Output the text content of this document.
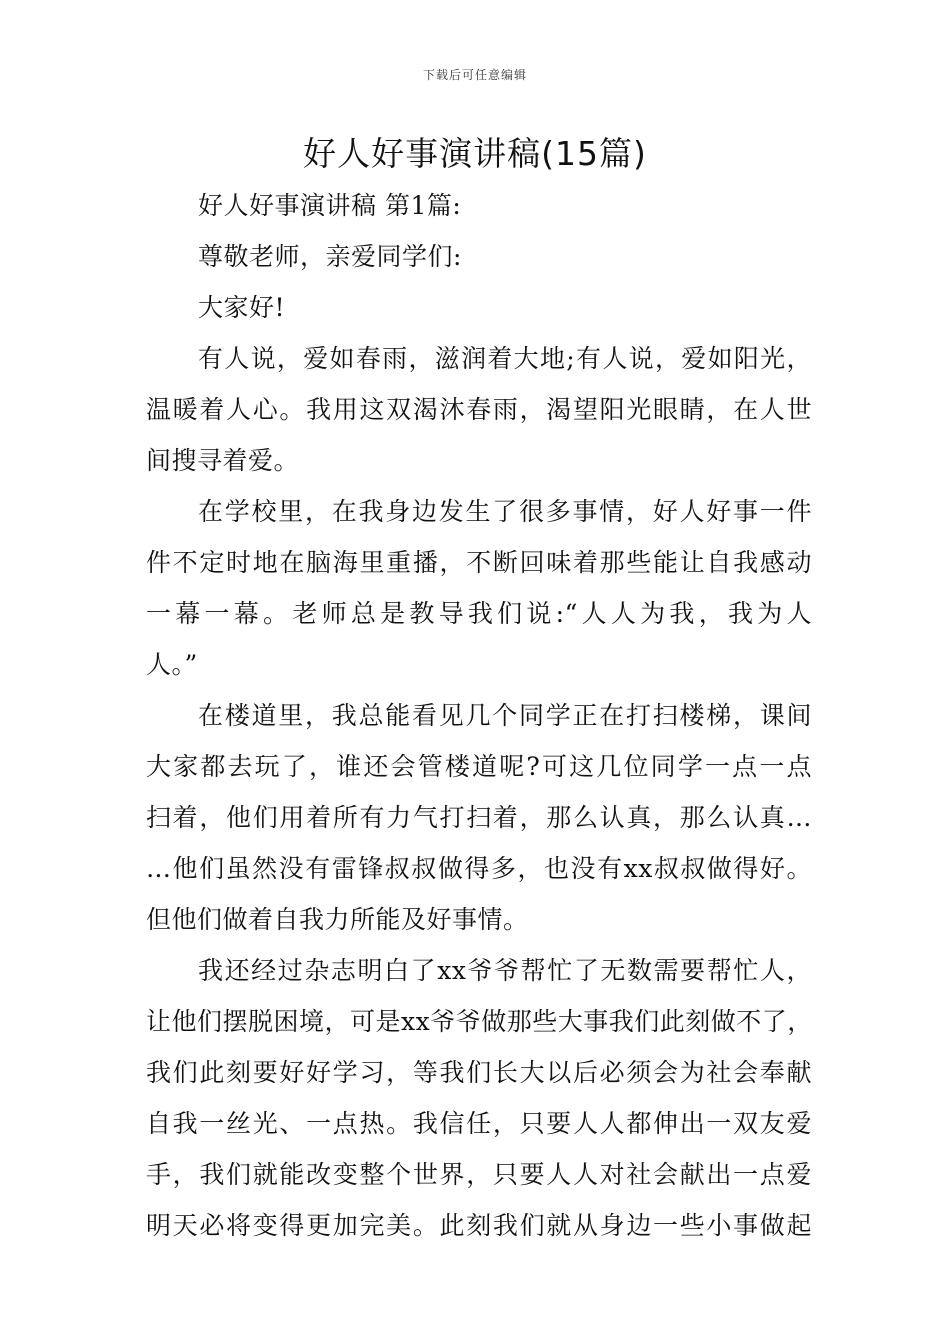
下载后可任意编辑
好人好事演讲稿(15篇)
好人好事演讲稿 第1篇:
尊敬老师，亲爱同学们:
大家好!
有人说，爱如春雨，滋润着大地;有人说，爱如阳光，
温暖着人心。我用这双渴沐春雨，渴望阳光眼睛，在人世
间搜寻着爱。
在学校里，在我身边发生了很多事情，好人好事一件
件不定时地在脑海里重播，不断回味着那些能让自我感动
一幕一幕。老师总是教导我们说:“人人为我，我为人
人。”
在楼道里，我总能看见几个同学正在打扫楼梯，课间
大家都去玩了，谁还会管楼道呢?可这几位同学一点一点
扫着，他们用着所有力气打扫着，那么认真，那么认真…
…他们虽然没有雷锋叔叔做得多，也没有xx叔叔做得好。
但他们做着自我力所能及好事情。
我还经过杂志明白了xx爷爷帮忙了无数需要帮忙人，
让他们摆脱困境，可是xx爷爷做那些大事我们此刻做不了，
我们此刻要好好学习，等我们长大以后必须会为社会奉献
自我一丝光、一点热。我信任，只要人人都伸出一双友爱
手，我们就能改变整个世界，只要人人对社会献出一点爱
明天必将变得更加完美。此刻我们就从身边一些小事做起
